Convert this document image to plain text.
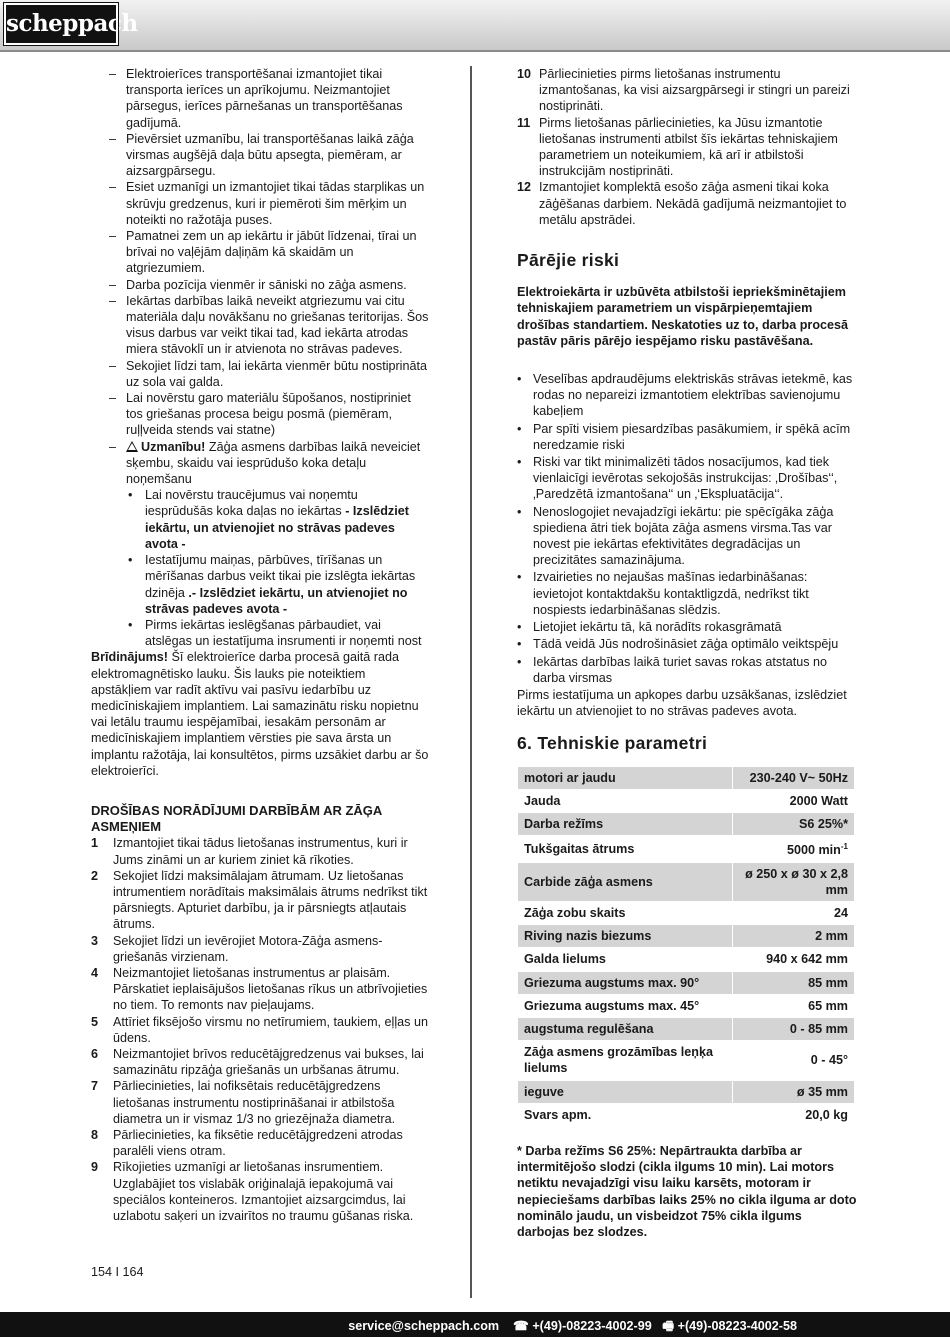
scheppach
– Elektroierīces transportēšanai izmantojiet tikai transporta ierīces un aprīkojumu. Neizmantojiet pārsegus, ierīces pārnešanas un transportēšanas gadījumā.
– Pievērsiet uzmanību, lai transportēšanas laikā zāģa virsmas augšējā daļa būtu apsegta, piemēram, ar aizsargpārsegu.
– Esiet uzmanīgi un izmantojiet tikai tādas starplikas un skrūvju gredzenus, kuri ir piemēroti šim mērķim un noteikti no ražotāja puses.
– Pamatnei zem un ap iekārtu ir jābūt līdzenai, tīrai un brīvai no vaļējām daļiņām kā skaidām un atgriezumiem.
– Darba pozīcija vienmēr ir sāniski no zāģa asmens.
– Iekārtas darbības laikā neveikt atgriezumu vai citu materiāla daļu novākšanu no griešanas teritorijas. Šos visus darbus var veikt tikai tad, kad iekārta atrodas miera stāvoklī un ir atvienota no strāvas padeves.
– Sekojiet līdzi tam, lai iekārta vienmēr būtu nostiprināta uz sola vai galda.
– Lai novērstu garo materiālu šūpošanos, nostipriniet tos griešanas procesa beigu posmā (piemēram, ruļļveida stends vai statne)
– Uzmanību! Zāģa asmens darbības laikā neveiciet sķembu, skaidu vai iesprūdušo koka detaļu noņemšanu
• Lai novērstu traucējumus vai noņemtu iesprūdušās koka daļas no iekārtas - Izslēdziet iekārtu, un atvienojiet no strāvas padeves avota -
• Iestatījumu maiņas, pārbūves, tīrīšanas un mērīšanas darbus veikt tikai pie izslēgta iekārtas dzinēja .- Izslēdziet iekārtu, un atvienojiet no strāvas padeves avota -
• Pirms iekārtas ieslēgšanas pārbaudiet, vai atslēgas un iestatījuma insrumenti ir noņemti nost
Brīdinājums! Šī elektroierīce darba procesā gaitā rada elektromagnētisko lauku. Šis lauks pie noteiktiem apstākļiem var radīt aktīvu vai pasīvu iedarbību uz medicīniskajiem implantiem. Lai samazinātu risku nopietnu vai letālu traumu iespējamībai, iesakām personām ar medicīniskajiem implantiem vērsties pie sava ārsta un implantu ražotāja, lai konsultētos, pirms uzsākiet darbu ar šo elektroierīci.
DROŠĪBAS NORĀDĪJUMI DARBĪBĀM AR ZĀĢA ASMEŅIEM
1 Izmantojiet tikai tādus lietošanas instrumentus, kuri ir Jums zināmi un ar kuriem ziniet kā rīkoties.
2 Sekojiet līdzi maksimālajam ātrumam. Uz lietošanas intrumentiem norādītais maksimālais ātrums nedrīkst tikt pārsniegts. Apturiet darbību, ja ir pārsniegts atļautais ātrums.
3 Sekojiet līdzi un ievērojiet Motora-Zāģa asmens-griešanās virzienam.
4 Neizmantojiet lietošanas instrumentus ar plaisām. Pārskatiet ieplaisājušos lietošanas rīkus un atbrīvojieties no tiem. To remonts nav pieļaujams.
5 Attīriet fiksējošo virsmu no netīrumiem, taukiem, eļļas un ūdens.
6 Neizmantojiet brīvos reducētājgredzenus vai bukses, lai samazinātu ripzāģa griešanās un urbšanas ātrumu.
7 Pārliecinieties, lai nofiksētais reducētājgredzens lietošanas instrumentu nostiprināšanai ir atbilstoša diametra un ir vismaz 1/3 no griezējnaža diametra.
8 Pārliecinieties, ka fiksētie reducētājgredzeni atrodas paralēli viens otram.
9 Rīkojieties uzmanīgi ar lietošanas insrumentiem. Uzglabājiet tos vislabāk oriģinalajā iepakojumā vai speciālos konteineros. Izmantojiet aizsargcimdus, lai uzlabotu saķeri un izvairītos no traumu gūšanas riska.
10 Pārliecinieties pirms lietošanas instrumentu izmantošanas, ka visi aizsargpārsegi ir stingri un pareizi nostiprināti.
11 Pirms lietošanas pārliecinieties, ka Jūsu izmantotie lietošanas instrumenti atbilst šīs iekārtas tehniskajiem parametriem un noteikumiem, kā arī ir atbilstoši instrukcijām nostiprināti.
12 Izmantojiet komplektā esošo zāģa asmeni tikai koka zāģēšanas darbiem. Nekādā gadījumā neizmantojiet to metālu apstrādei.
Pārējie riski
Elektroiekārta ir uzbūvēta atbilstoši iepriekšminētajiem tehniskajiem parametriem un vispārpieņemtajiem drošības standartiem. Neskatoties uz to, darba procesā pastāv pāris pārējo iespējamo risku pastāvēšana.
• Veselības apdraudējums elektriskās strāvas ietekmē, kas rodas no nepareizi izmantotiem elektrības savienojumu kabeļiem
• Par spīti visiem piesardzības pasākumiem, ir spēkā acīm neredzamie riski
• Riski var tikt minimalizēti tādos nosacījumos, kad tiek vienlaicīgi ievērotas sekojošās instrukcijas: ‚Drošības‘‘, ‚Paredzētā izmantošana‘‘ un ‚‘Ekspluatācija‘‘.
• Nenoslogojiet nevajadzīgi iekārtu: pie spēcīgāka zāģa spiediena ātri tiek bojāta zāģa asmens virsma.Tas var novest pie iekārtas efektivitātes degradācijas un precizitātes samazinājuma.
• Izvairieties no nejaušas mašīnas iedarbināšanas: ievietojot kontaktdakšu kontaktligzdā, nedrīkst tikt nospiests iedarbināšanas slēdzis.
• Lietojiet iekārtu tā, kā norādīts rokasgrāmatā
• Tādā veidā Jūs nodrošināsiet zāģa optimālo veiktspēju
• Iekārtas darbības laikā turiet savas rokas atstatus no darba virsmas
Pirms iestatījuma un apkopes darbu uzsākšanas, izslēdziet iekārtu un atvienojiet to no strāvas padeves avota.
6. Tehniskie parametri
motori ar jaudu	230-240 V~ 50Hz
Jauda	2000 Watt
Darba režīms	S6 25%*
Tukšgaitas ātrums	5000 $\min^{-1}$
Carbide zāģa asmens	ø 250 x ø 30 x 2,8 mm
Zāģa zobu skaits	24
Riving nazis biezums	2 mm
Galda lielums	940 x 642 mm
Griezuma augstums max. 90°	85 mm
Griezuma augstums max. 45°	65 mm
augstuma regulēšana	0 - 85 mm
Zāģa asmens grozāmības leņķa lielums	0 - 45°
ieguve	ø 35 mm
Svars apm.	20,0 kg
* Darba režīms S6 25%: Nepārtraukta darbība ar intermitējošo slodzi (cikla ilgums 10 min). Lai motors netiktu nevajadzīgi visu laiku karsēts, motoram ir nepieciešams darbības laiks 25% no cikla ilguma ar doto nominālo jaudu, un visbeidzot 75% cikla ilgums darbojas bez slodzes.
154 I 164
service@scheppach.com ☎ +(49)-08223-4002-99 🖷 +(49)-08223-4002-58
